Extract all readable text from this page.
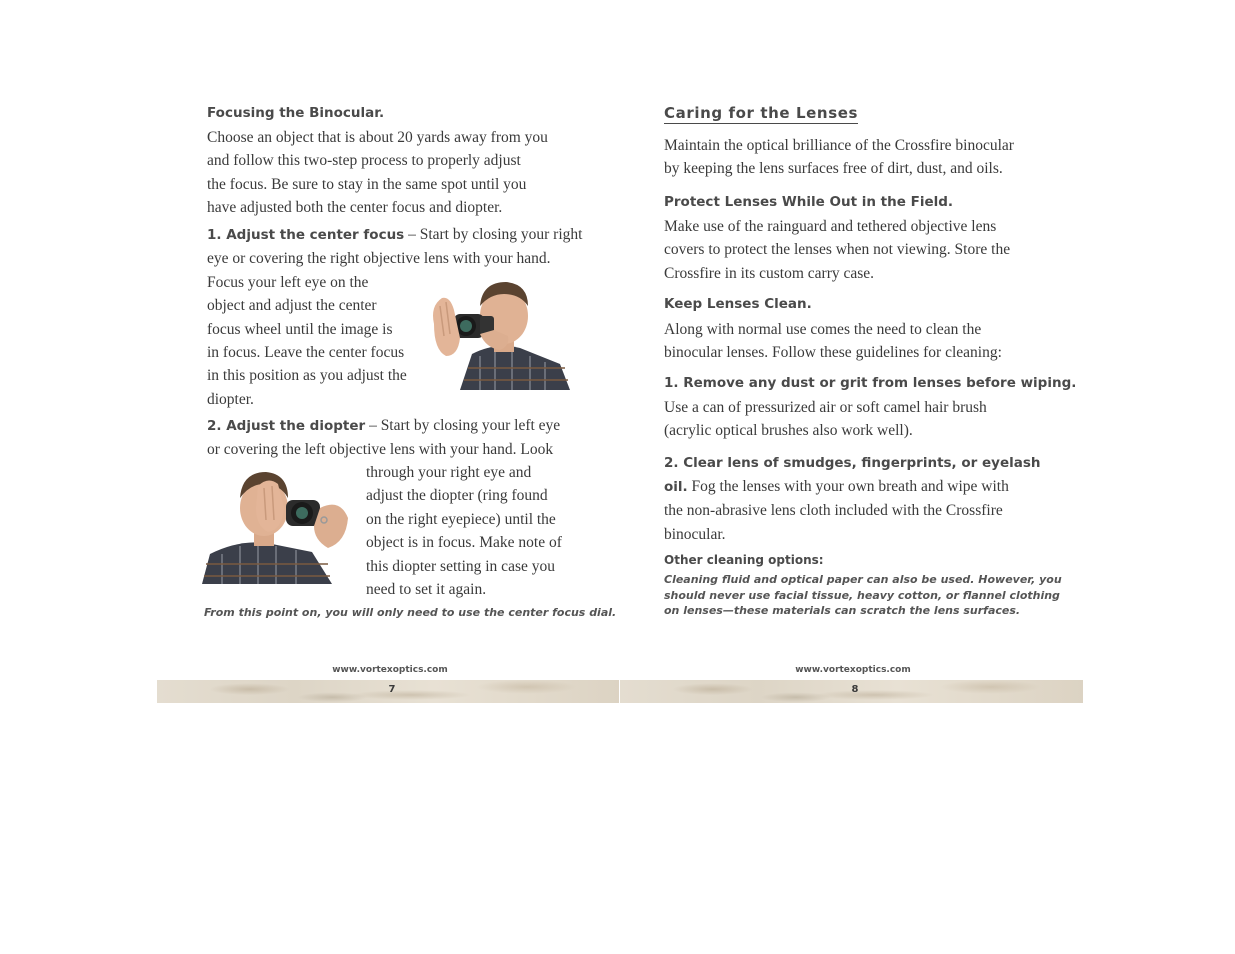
Focusing the Binocular.
Choose an object that is about 20 yards away from you
and follow this two-step process to properly adjust
the focus. Be sure to stay in the same spot until you
have adjusted both the center focus and diopter.
1. Adjust the center focus – Start by closing your right
eye or covering the right objective lens with your hand.
Focus your left eye on the
object and adjust the center
focus wheel until the image is
in focus. Leave the center focus
in this position as you adjust the
diopter.
2. Adjust the diopter – Start by closing your left eye
or covering the left objective lens with your hand. Look
through your right eye and
adjust the diopter (ring found
on the right eyepiece) until the
object is in focus. Make note of
this diopter setting in case you
need to set it again.
From this point on, you will only need to use the center focus dial.
www.vortexoptics.com
Caring for the Lenses
Maintain the optical brilliance of the Crossfire binocular
by keeping the lens surfaces free of dirt, dust, and oils.
Protect Lenses While Out in the Field.
Make use of the rainguard and tethered objective lens
covers to protect the lenses when not viewing. Store the
Crossfire in its custom carry case.
Keep Lenses Clean.
Along with normal use comes the need to clean the
binocular lenses. Follow these guidelines for cleaning:
1. Remove any dust or grit from lenses before wiping.
Use a can of pressurized air or soft camel hair brush
(acrylic optical brushes also work well).
2. Clear lens of smudges, fingerprints, or eyelash
oil. Fog the lenses with your own breath and wipe with
the non-abrasive lens cloth included with the Crossfire
binocular.
Other cleaning options:
Cleaning fluid and optical paper can also be used. However, you
should never use facial tissue, heavy cotton, or flannel clothing
on lenses—these materials can scratch the lens surfaces.
www.vortexoptics.com
7	8
